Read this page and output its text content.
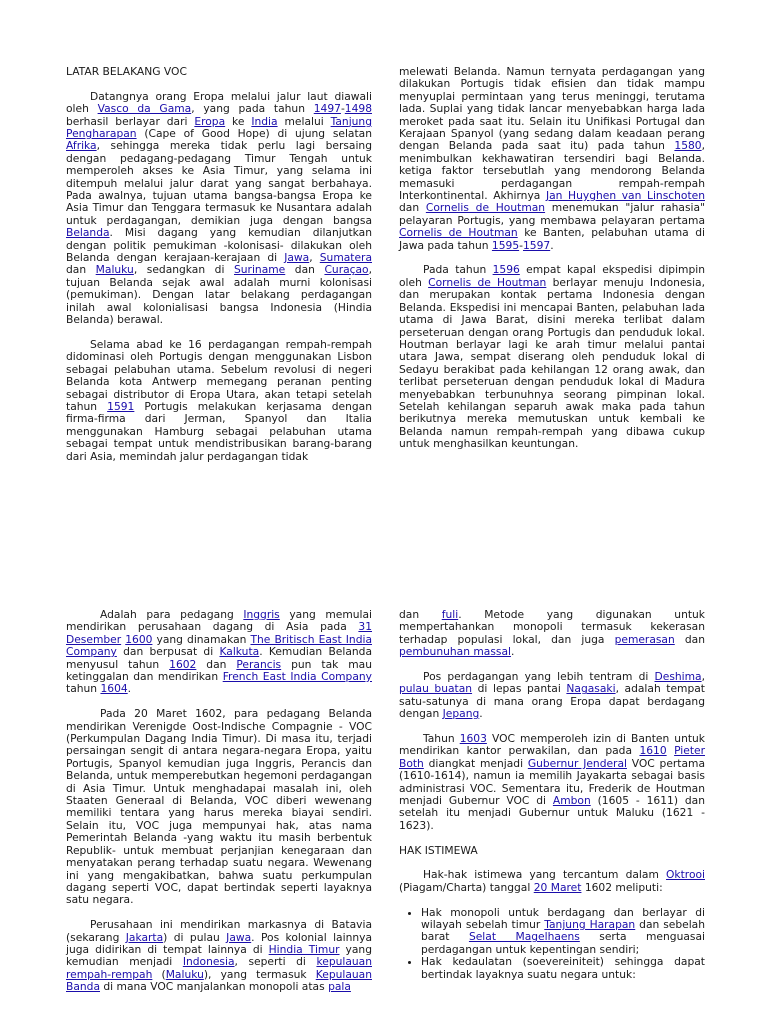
LATAR BELAKANG VOC

Datangnya orang Eropa melalui jalur laut diawali oleh Vasco da Gama, yang pada tahun 1497-1498 berhasil berlayar dari Eropa ke India melalui Tanjung Pengharapan (Cape of Good Hope) di ujung selatan Afrika, sehingga mereka tidak perlu lagi bersaing dengan pedagang-pedagang Timur Tengah untuk memperoleh akses ke Asia Timur, yang selama ini ditempuh melalui jalur darat yang sangat berbahaya. Pada awalnya, tujuan utama bangsa-bangsa Eropa ke Asia Timur dan Tenggara termasuk ke Nusantara adalah untuk perdagangan, demikian juga dengan bangsa Belanda. Misi dagang yang kemudian dilanjutkan dengan politik pemukiman -kolonisasi- dilakukan oleh Belanda dengan kerajaan-kerajaan di Jawa, Sumatera dan Maluku, sedangkan di Suriname dan Curaçao, tujuan Belanda sejak awal adalah murni kolonisasi (pemukiman). Dengan latar belakang perdagangan inilah awal kolonialisasi bangsa Indonesia (Hindia Belanda) berawal.

Selama abad ke 16 perdagangan rempah-rempah didominasi oleh Portugis dengan menggunakan Lisbon sebagai pelabuhan utama. Sebelum revolusi di negeri Belanda kota Antwerp memegang peranan penting sebagai distributor di Eropa Utara, akan tetapi setelah tahun 1591 Portugis melakukan kerjasama dengan firma-firma dari Jerman, Spanyol dan Italia menggunakan Hamburg sebagai pelabuhan utama sebagai tempat untuk mendistribusikan barang-barang dari Asia, memindah jalur perdagangan tidak

melewati Belanda. Namun ternyata perdagangan yang dilakukan Portugis tidak efisien dan tidak mampu menyuplai permintaan yang terus meninggi, terutama lada. Suplai yang tidak lancar menyebabkan harga lada meroket pada saat itu. Selain itu Unifikasi Portugal dan Kerajaan Spanyol (yang sedang dalam keadaan perang dengan Belanda pada saat itu) pada tahun 1580, menimbulkan kekhawatiran tersendiri bagi Belanda. ketiga faktor tersebutlah yang mendorong Belanda memasuki perdagangan rempah-rempah Interkontinental. Akhirnya Jan Huyghen van Linschoten dan Cornelis de Houtman menemukan "jalur rahasia" pelayaran Portugis, yang membawa pelayaran pertama Cornelis de Houtman ke Banten, pelabuhan utama di Jawa pada tahun 1595-1597.

Pada tahun 1596 empat kapal ekspedisi dipimpin oleh Cornelis de Houtman berlayar menuju Indonesia, dan merupakan kontak pertama Indonesia dengan Belanda. Ekspedisi ini mencapai Banten, pelabuhan lada utama di Jawa Barat, disini mereka terlibat dalam perseteruan dengan orang Portugis dan penduduk lokal. Houtman berlayar lagi ke arah timur melalui pantai utara Jawa, sempat diserang oleh penduduk lokal di Sedayu berakibat pada kehilangan 12 orang awak, dan terlibat perseteruan dengan penduduk lokal di Madura menyebabkan terbunuhnya seorang pimpinan lokal. Setelah kehilangan separuh awak maka pada tahun berikutnya mereka memutuskan untuk kembali ke Belanda namun rempah-rempah yang dibawa cukup untuk menghasilkan keuntungan.

Adalah para pedagang Inggris yang memulai mendirikan perusahaan dagang di Asia pada 31 Desember 1600 yang dinamakan The Britisch East India Company dan berpusat di Kalkuta. Kemudian Belanda menyusul tahun 1602 dan Perancis pun tak mau ketinggalan dan mendirikan French East India Company tahun 1604.

Pada 20 Maret 1602, para pedagang Belanda mendirikan Verenigde Oost-Indische Compagnie - VOC (Perkumpulan Dagang India Timur). Di masa itu, terjadi persaingan sengit di antara negara-negara Eropa, yaitu Portugis, Spanyol kemudian juga Inggris, Perancis dan Belanda, untuk memperebutkan hegemoni perdagangan di Asia Timur. Untuk menghadapai masalah ini, oleh Staaten Generaal di Belanda, VOC diberi wewenang memiliki tentara yang harus mereka biayai sendiri. Selain itu, VOC juga mempunyai hak, atas nama Pemerintah Belanda -yang waktu itu masih berbentuk Republik- untuk membuat perjanjian kenegaraan dan menyatakan perang terhadap suatu negara. Wewenang ini yang mengakibatkan, bahwa suatu perkumpulan dagang seperti VOC, dapat bertindak seperti layaknya satu negara.

Perusahaan ini mendirikan markasnya di Batavia (sekarang Jakarta) di pulau Jawa. Pos kolonial lainnya juga didirikan di tempat lainnya di Hindia Timur yang kemudian menjadi Indonesia, seperti di kepulauan rempah-rempah (Maluku), yang termasuk Kepulauan Banda di mana VOC manjalankan monopoli atas pala

dan fuli. Metode yang digunakan untuk mempertahankan monopoli termasuk kekerasan terhadap populasi lokal, dan juga pemerasan dan pembunuhan massal.

Pos perdagangan yang lebih tentram di Deshima, pulau buatan di lepas pantai Nagasaki, adalah tempat satu-satunya di mana orang Eropa dapat berdagang dengan Jepang.

Tahun 1603 VOC memperoleh izin di Banten untuk mendirikan kantor perwakilan, dan pada 1610 Pieter Both diangkat menjadi Gubernur Jenderal VOC pertama (1610-1614), namun ia memilih Jayakarta sebagai basis administrasi VOC. Sementara itu, Frederik de Houtman menjadi Gubernur VOC di Ambon (1605 - 1611) dan setelah itu menjadi Gubernur untuk Maluku (1621 - 1623).

HAK ISTIMEWA

Hak-hak istimewa yang tercantum dalam Oktrooi (Piagam/Charta) tanggal 20 Maret 1602 meliputi:

• Hak monopoli untuk berdagang dan berlayar di wilayah sebelah timur Tanjung Harapan dan sebelah barat Selat Magelhaens serta menguasai perdagangan untuk kepentingan sendiri;
• Hak kedaulatan (soevereiniteit) sehingga dapat bertindak layaknya suatu negara untuk:
